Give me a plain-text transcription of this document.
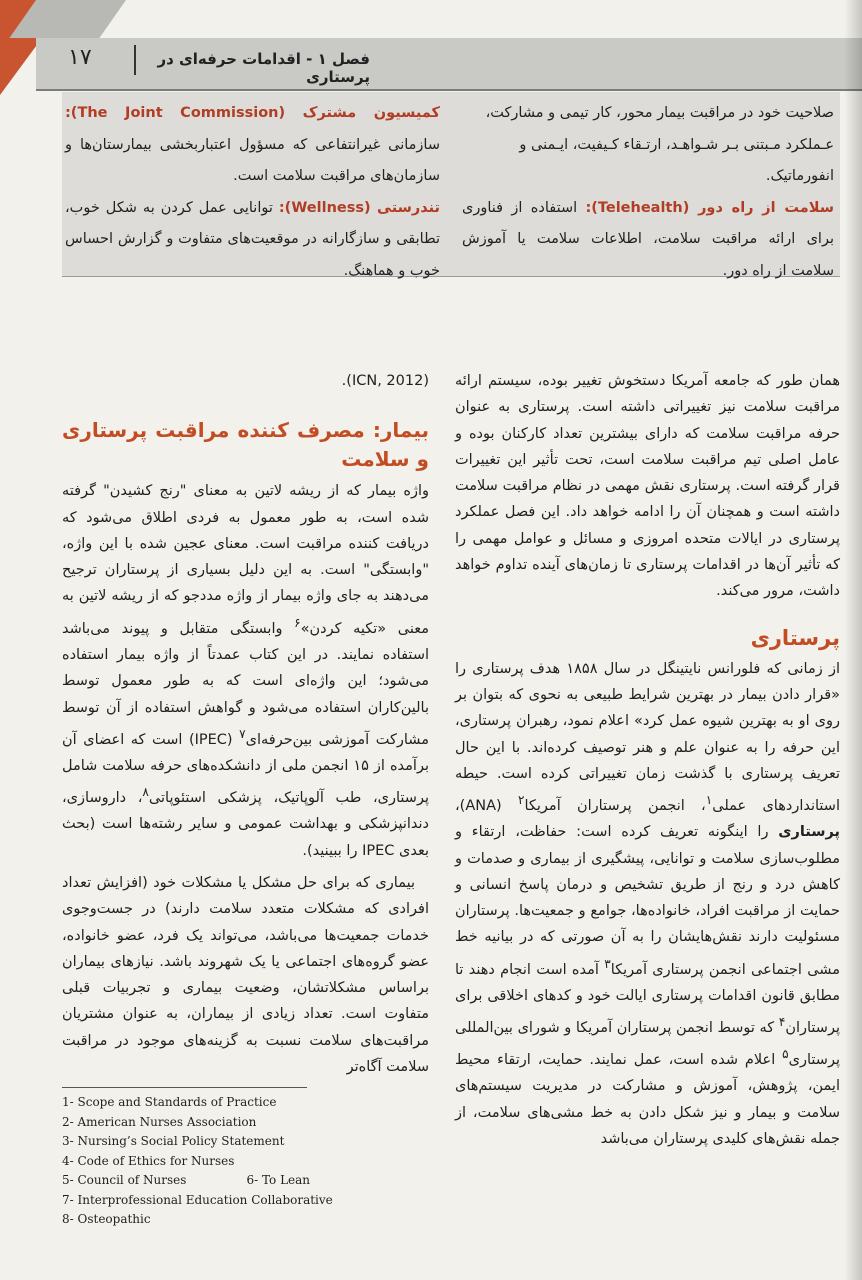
۱۷	فصل ۱ - اقدامات حرفه‌ای در پرستاری
صلاحیت خود در مراقبت بیمار محور، کار تیمی و مشارکت،
عـملکرد مـبتنی بـر شـواهـد، ارتـقاء کـیفیت، ایـمنی و
انفورماتیک.
سلامت از راه دور (Telehealth): استفاده از فناوری برای ارائه مراقبت سلامت، اطلاعات سلامت یا آموزش سلامت از راه دور.
کمیسیون مشترک (The Joint Commission): سازمانی غیرانتفاعی که مسؤول اعتباربخشی بیمارستان‌ها و سازمان‌های مراقبت سلامت است.
تندرستی (Wellness): توانایی عمل کردن به شکل خوب، تطابقی و سازگارانه در موقعیت‌های متفاوت و گزارش احساس خوب و هماهنگ.

همان طور که جامعه آمریکا دستخوش تغییر بوده، سیستم ارائه مراقبت سلامت نیز تغییراتی داشته است. پرستاری به عنوان حرفه مراقبت سلامت که دارای بیشترین تعداد کارکنان بوده و عامل اصلی تیم مراقبت سلامت است، تحت تأثیر این تغییرات قرار گرفته است. پرستاری نقش مهمی در نظام مراقبت سلامت داشته است و همچنان آن را ادامه خواهد داد. این فصل عملکرد پرستاری در ایالات متحده امروزی و مسائل و عوامل مهمی را که تأثیر آن‌ها در اقدامات پرستاری تا زمان‌های آینده تداوم خواهد داشت، مرور می‌کند.

پرستاری

از زمانی که فلورانس نایتینگل در سال ۱۸۵۸ هدف پرستاری را «قرار دادن بیمار در بهترین شرایط طبیعی به نحوی که بتوان بر روی او به بهترین شیوه عمل کرد» اعلام نمود، رهبران پرستاری، این حرفه را به عنوان علم و هنر توصیف کرده‌اند. با این حال تعریف پرستاری با گذشت زمان تغییراتی کرده است. حیطه استانداردهای عملی$^۱$، انجمن پرستاران آمریکا$^۲$ (ANA)، پرستاری را اینگونه تعریف کرده است: حفاظت، ارتقاء و مطلوب‌سازی سلامت و توانایی، پیشگیری از بیماری و صدمات و کاهش درد و رنج از طریق تشخیص و درمان پاسخ انسانی و حمایت از مراقبت افراد، خانواده‌ها، جوامع و جمعیت‌ها. پرستاران مسئولیت دارند نقش‌هایشان را به آن صورتی که در بیانیه خط مشی اجتماعی انجمن پرستاری آمریکا$^۳$ آمده است انجام دهند تا مطابق قانون اقدامات پرستاری ایالت خود و کدهای اخلاقی برای پرستاران$^۴$ که توسط انجمن پرستاران آمریکا و شورای بین‌المللی پرستاری$^۵$ اعلام شده است، عمل نمایند. حمایت، ارتقاء محیط ایمن، پژوهش، آموزش و مشارکت در مدیریت سیستم‌های سلامت و بیمار و نیز شکل دادن به خط مشی‌های سلامت، از جمله نقش‌های کلیدی پرستاران می‌باشد

(ICN, 2012).
بیمار: مصرف کننده مراقبت پرستاری و سلامت

واژه بیمار که از ریشه لاتین به معنای "رنج کشیدن" گرفته شده است، به طور معمول به فردی اطلاق می‌شود که دریافت کننده مراقبت است. معنای عجین شده با این واژه، "وابستگی" است. به این دلیل بسیاری از پرستاران ترجیح می‌دهند به جای واژه بیمار از واژه مددجو که از ریشه لاتین به معنی «تکیه کردن»$^۶$ وابستگی متقابل و پیوند می‌باشد استفاده نمایند. در این کتاب عمدتاً از واژه بیمار استفاده می‌شود؛ این واژه‌ای است که به طور معمول توسط بالین‌کاران استفاده می‌شود و گواهش استفاده از آن توسط مشارکت آموزشی بین‌حرفه‌ای$^۷$ (IPEC) است که اعضای آن برآمده از ۱۵ انجمن ملی از دانشکده‌های حرفه سلامت شامل پرستاری، طب آلوپاتیک، پزشکی استئوپاتی$^۸$، داروسازی، دندانپزشکی و بهداشت عمومی و سایر رشته‌ها است (بحث بعدی IPEC را ببینید).

بیماری که برای حل مشکل یا مشکلات خود (افزایش تعداد افرادی که مشکلات متعدد سلامت دارند) در جست‌وجوی خدمات جمعیت‌ها می‌باشد، می‌تواند یک فرد، عضو خانواده، عضو گروه‌های اجتماعی یا یک شهروند باشد. نیازهای بیماران براساس مشکلاتشان، وضعیت بیماری و تجربیات قبلی متفاوت است. تعداد زیادی از بیماران، به عنوان مشتریان مراقبت‌های سلامت نسبت به گزینه‌های موجود در مراقبت سلامت آگاه‌تر

1- Scope and Standards of Practice
2- American Nurses Association
3- Nursing’s Social Policy Statement
4- Code of Ethics for Nurses
5- Council of Nurses	6- To Lean
7- Interprofessional Education Collaborative
8- Osteopathic
